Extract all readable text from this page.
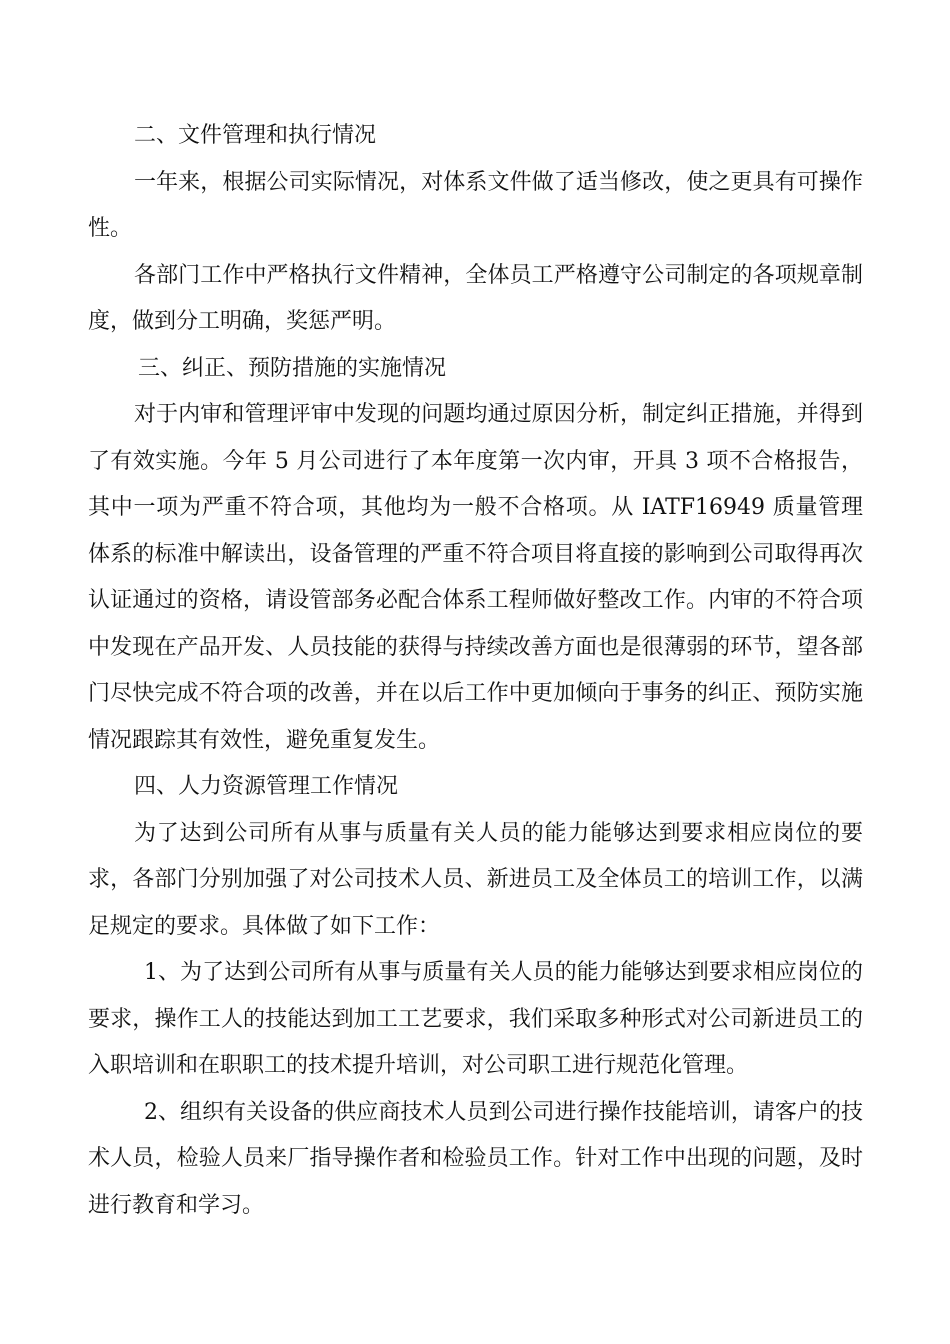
二、文件管理和执行情况

一年来，根据公司实际情况，对体系文件做了适当修改，使之更具有可操作性。

各部门工作中严格执行文件精神，全体员工严格遵守公司制定的各项规章制度，做到分工明确，奖惩严明。

三、纠正、预防措施的实施情况

对于内审和管理评审中发现的问题均通过原因分析，制定纠正措施，并得到了有效实施。今年 5 月公司进行了本年度第一次内审，开具 3 项不合格报告，其中一项为严重不符合项，其他均为一般不合格项。从 IATF16949 质量管理体系的标准中解读出，设备管理的严重不符合项目将直接的影响到公司取得再次认证通过的资格，请设管部务必配合体系工程师做好整改工作。内审的不符合项中发现在产品开发、人员技能的获得与持续改善方面也是很薄弱的环节，望各部门尽快完成不符合项的改善，并在以后工作中更加倾向于事务的纠正、预防实施情况跟踪其有效性，避免重复发生。

四、人力资源管理工作情况

为了达到公司所有从事与质量有关人员的能力能够达到要求相应岗位的要求，各部门分别加强了对公司技术人员、新进员工及全体员工的培训工作，以满足规定的要求。具体做了如下工作：

1、为了达到公司所有从事与质量有关人员的能力能够达到要求相应岗位的要求，操作工人的技能达到加工工艺要求，我们采取多种形式对公司新进员工的入职培训和在职职工的技术提升培训，对公司职工进行规范化管理。

2、组织有关设备的供应商技术人员到公司进行操作技能培训，请客户的技术人员，检验人员来厂指导操作者和检验员工作。针对工作中出现的问题，及时进行教育和学习。
